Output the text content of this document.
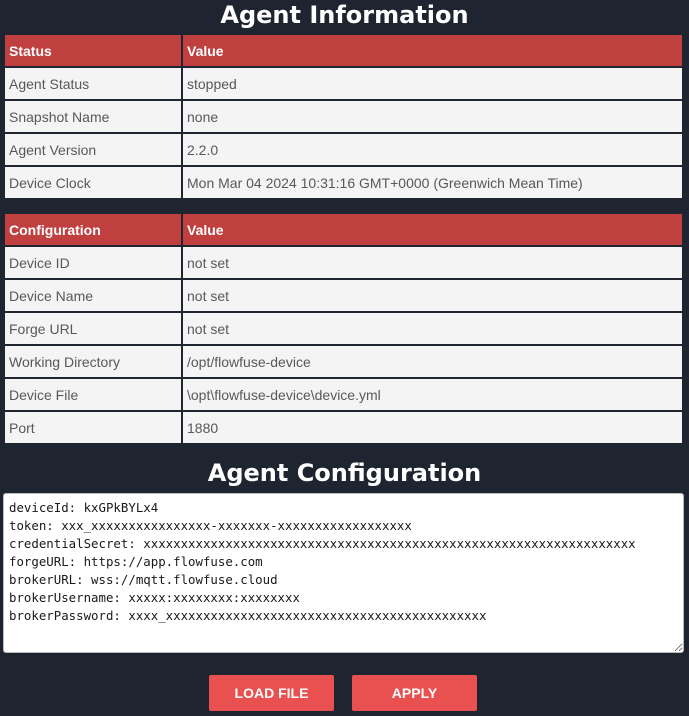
Agent Information
Status	Value
Agent Status	stopped
Snapshot Name	none
Agent Version	2.2.0
Device Clock	Mon Mar 04 2024 10:31:16 GMT+0000 (Greenwich Mean Time)
Configuration	Value
Device ID	not set
Device Name	not set
Forge URL	not set
Working Directory	/opt/flowfuse-device
Device File	\opt\flowfuse-device\device.yml
Port	1880
Agent Configuration
deviceId: kxGPkBYLx4 token: xxx_xxxxxxxxxxxxxxxx-xxxxxxx-xxxxxxxxxxxxxxxxxx credentialSecret: xxxxxxxxxxxxxxxxxxxxxxxxxxxxxxxxxxxxxxxxxxxxxxxxxxxxxxxxxxxxxxxxxx forgeURL: https://app.flowfuse.com brokerURL: wss://mqtt.flowfuse.cloud brokerUsername: xxxxx:xxxxxxxx:xxxxxxxx brokerPassword: xxxx_xxxxxxxxxxxxxxxxxxxxxxxxxxxxxxxxxxxxxxxxxxx
LOAD FILE	APPLY
